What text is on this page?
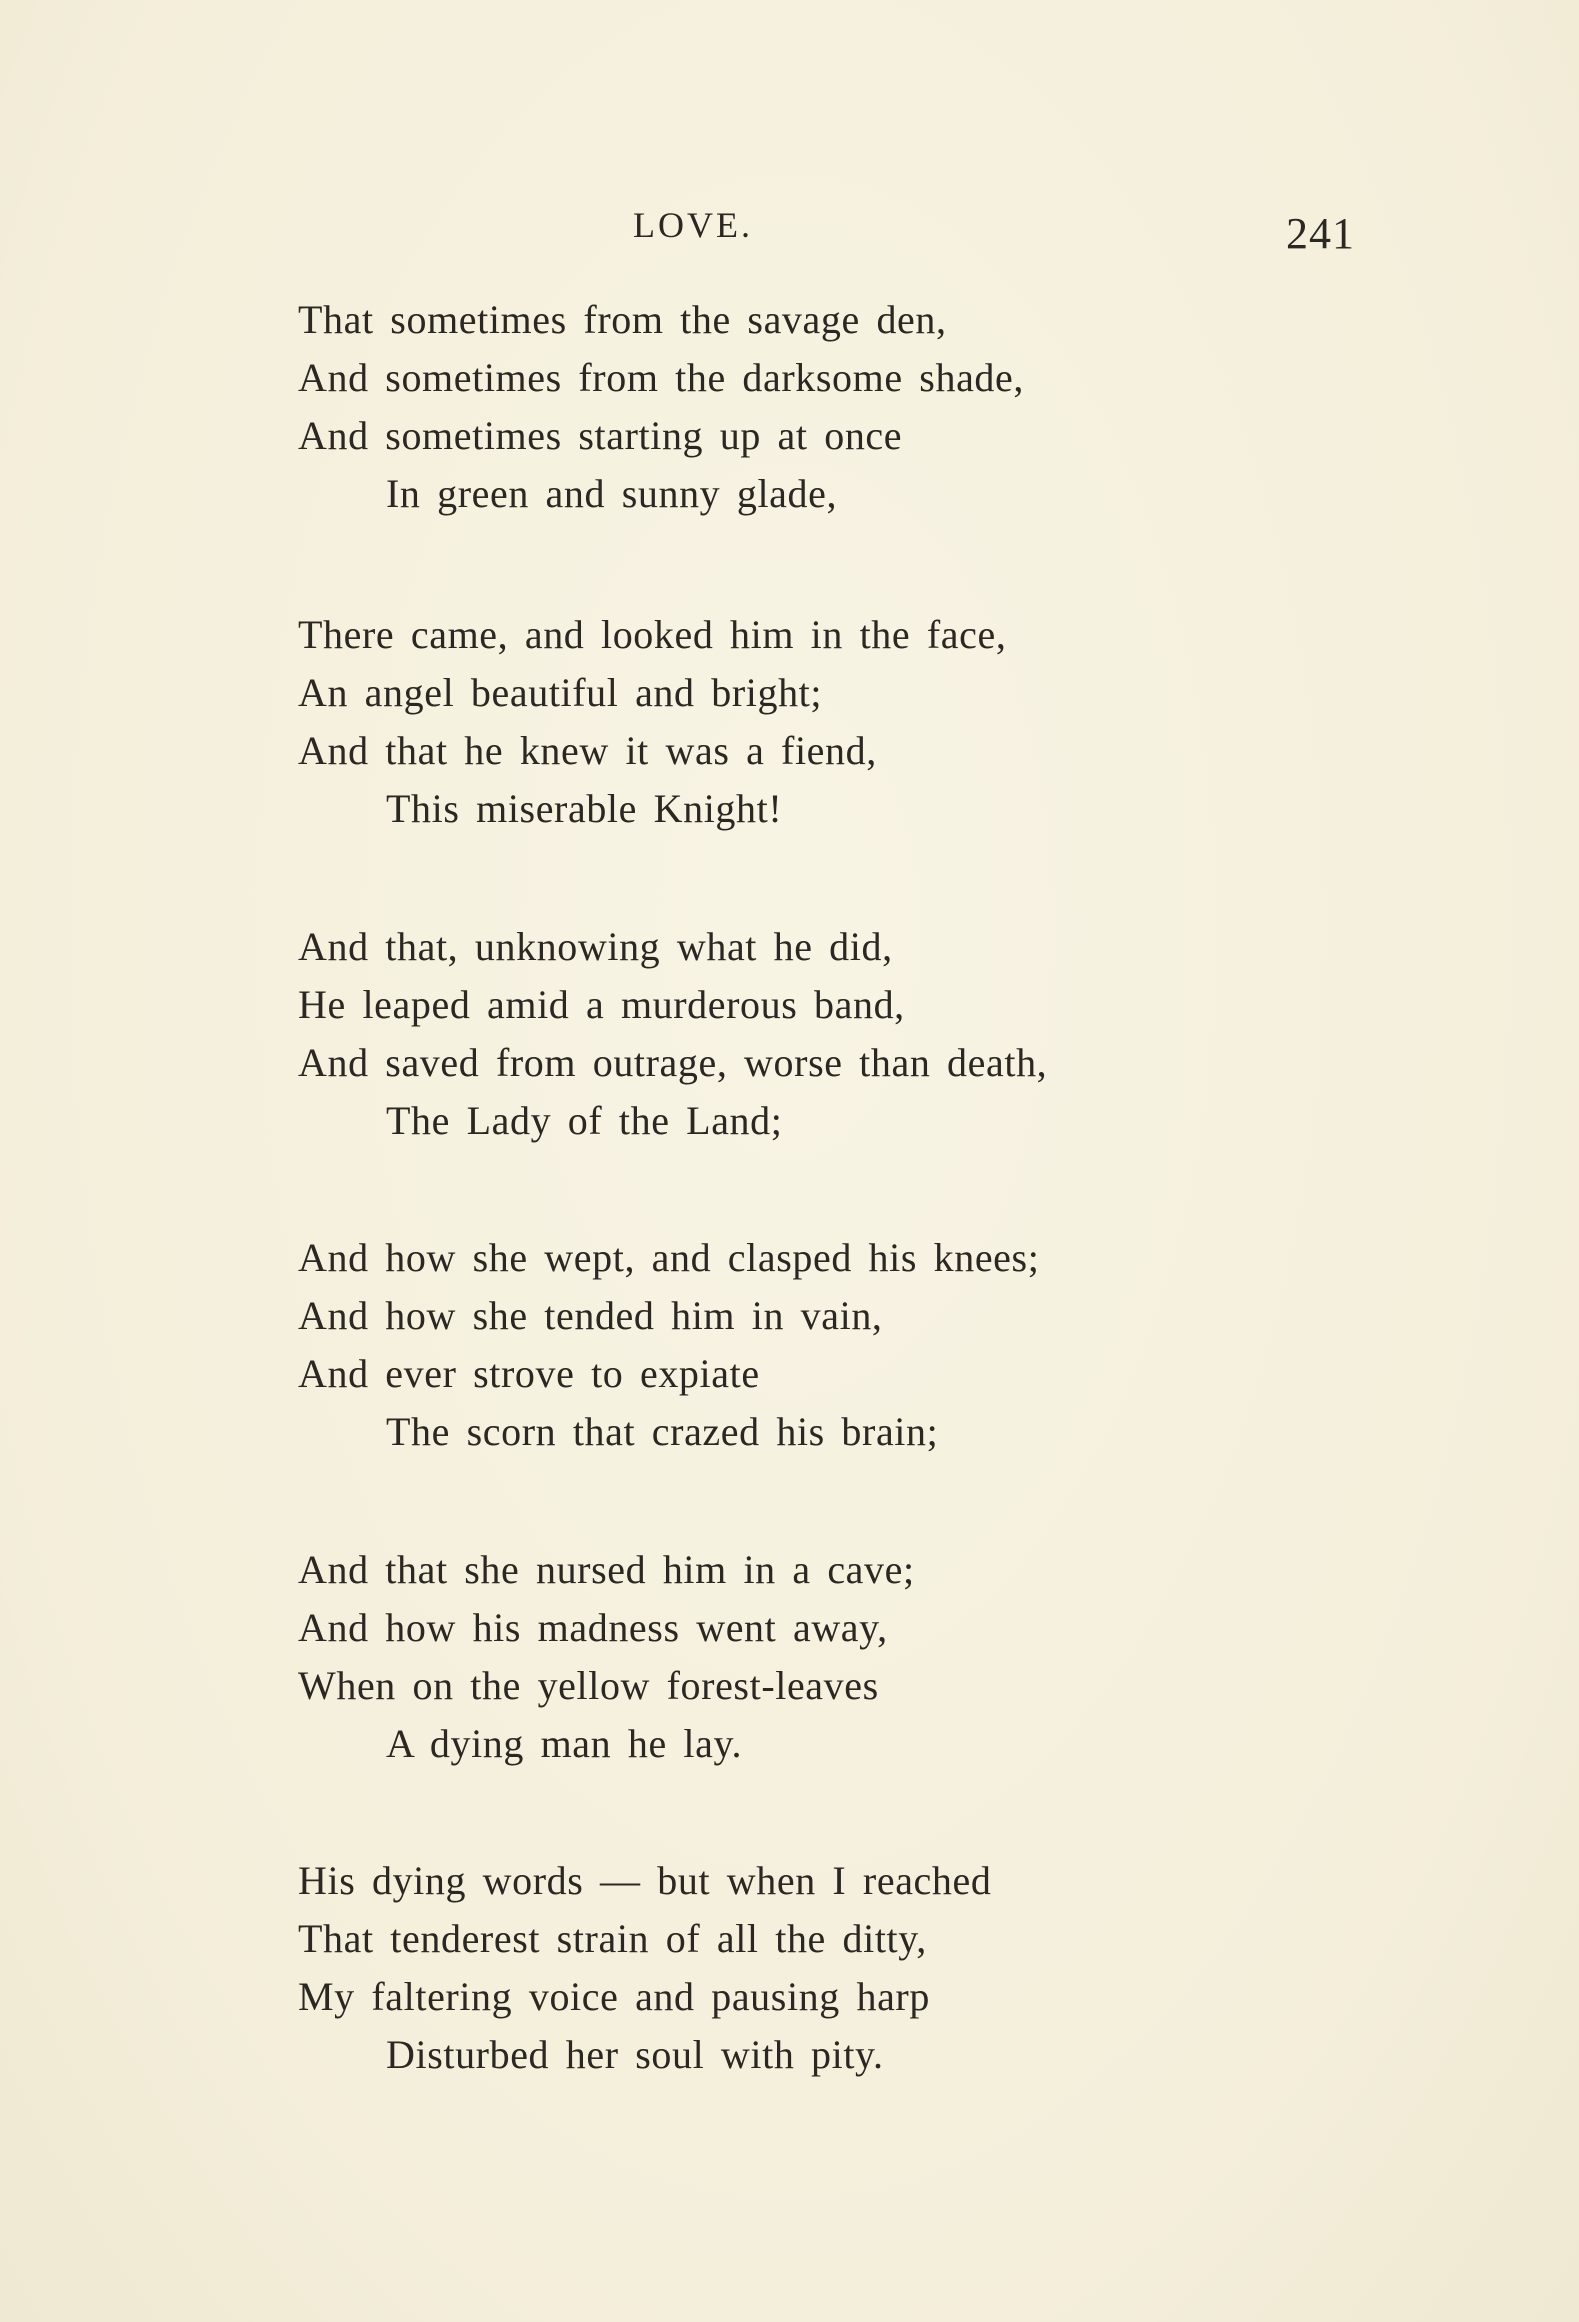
LOVE.	241
That sometimes from the savage den,
And sometimes from the darksome shade,
And sometimes starting up at once
In green and sunny glade,
There came, and looked him in the face,
An angel beautiful and bright;
And that he knew it was a fiend,
This miserable Knight!
And that, unknowing what he did,
He leaped amid a murderous band,
And saved from outrage, worse than death,
The Lady of the Land;
And how she wept, and clasped his knees;
And how she tended him in vain,
And ever strove to expiate
The scorn that crazed his brain;
And that she nursed him in a cave;
And how his madness went away,
When on the yellow forest-leaves
A dying man he lay.
His dying words — but when I reached
That tenderest strain of all the ditty,
My faltering voice and pausing harp
Disturbed her soul with pity.
